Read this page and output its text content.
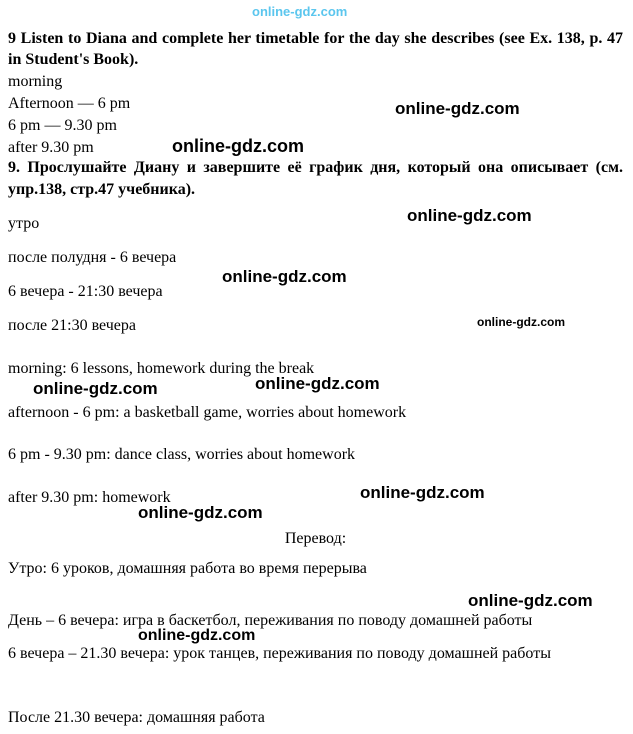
online-gdz.com
online-gdz.com
online-gdz.com
online-gdz.com
online-gdz.com
online-gdz.com
online-gdz.com
online-gdz.com
online-gdz.com
online-gdz.com
online-gdz.com
online-gdz.com

9 Listen to Diana and complete her timetable for the day she describes (see Ex. 138, p. 47 in Student's Book).

morning

Afternoon — 6 pm

6 pm — 9.30 pm

after 9.30 pm

9. Прослушайте Диану и завершите её график дня, который она описывает (см. упр.138, стр.47 учебника).

утро

после полудня - 6 вечера

6 вечера - 21:30 вечера

после 21:30 вечера

morning: 6 lessons, homework during the break

afternoon - 6 pm: a basketball game, worries about homework

6 pm - 9.30 pm: dance class, worries about homework

after 9.30 pm: homework

Перевод:

Утро: 6 уроков, домашняя работа во время перерыва

День – 6 вечера: игра в баскетбол, переживания по поводу домашней работы

6 вечера – 21.30 вечера: урок танцев, переживания по поводу домашней работы

После 21.30 вечера: домашняя работа
